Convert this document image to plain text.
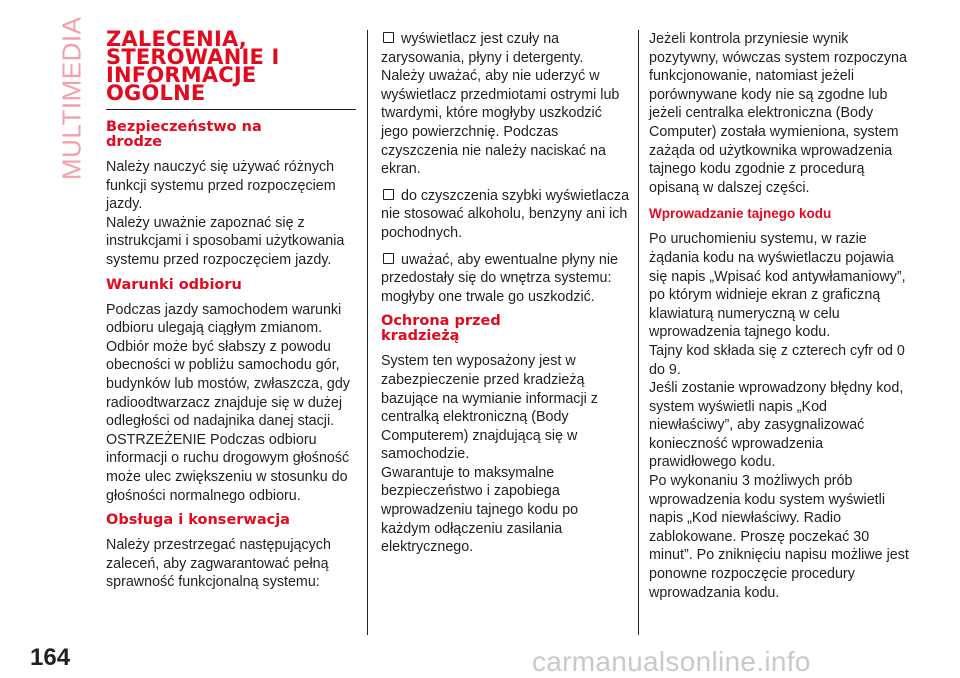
MULTIMEDIA ZALECENIA,
STEROWANIE I
INFORMACJE
OGÓLNE
Bezpieczeństwo na
drodze
Należy nauczyć się używać różnych funkcji systemu przed rozpoczęciem jazdy.
Należy uważnie zapoznać się z instrukcjami i sposobami użytkowania systemu przed rozpoczęciem jazdy.
Warunki odbioru
Podczas jazdy samochodem warunki odbioru ulegają ciągłym zmianom. Odbiór może być słabszy z powodu obecności w pobliżu samochodu gór, budynków lub mostów, zwłaszcza, gdy radioodtwarzacz znajduje się w dużej odległości od nadajnika danej stacji.
OSTRZEŻENIE Podczas odbioru informacji o ruchu drogowym głośność może ulec zwiększeniu w stosunku do głośności normalnego odbioru.
Obsługa i konserwacja

Należy przestrzegać następujących zaleceń, aby zagwarantować pełną sprawność funkcjonalną systemu:

wyświetlacz jest czuły na zarysowania, płyny i detergenty. Należy uważać, aby nie uderzyć w wyświetlacz przedmiotami ostrymi lub twardymi, które mogłyby uszkodzić jego powierzchnię. Podczas czyszczenia nie należy naciskać na ekran.

do czyszczenia szybki wyświetlacza nie stosować alkoholu, benzyny ani ich pochodnych.

uważać, aby ewentualne płyny nie przedostały się do wnętrza systemu: mogłyby one trwale go uszkodzić.

Ochrona przed
kradzieżą
System ten wyposażony jest w zabezpieczenie przed kradzieżą bazujące na wymianie informacji z centralką elektroniczną (Body Computerem) znajdującą się w samochodzie.
Gwarantuje to maksymalne bezpieczeństwo i zapobiega wprowadzeniu tajnego kodu po każdym odłączeniu zasilania elektrycznego.

Jeżeli kontrola przyniesie wynik pozytywny, wówczas system rozpoczyna funkcjonowanie, natomiast jeżeli porównywane kody nie są zgodne lub jeżeli centralka elektroniczna (Body Computer) została wymieniona, system zażąda od użytkownika wprowadzenia tajnego kodu zgodnie z procedurą opisaną w dalszej części.

Wprowadzanie tajnego kodu
Po uruchomieniu systemu, w razie żądania kodu na wyświetlaczu pojawia się napis „Wpisać kod antywłamaniowy”, po którym widnieje ekran z graficzną klawiaturą numeryczną w celu wprowadzenia tajnego kodu.
Tajny kod składa się z czterech cyfr od 0 do 9.
Jeśli zostanie wprowadzony błędny kod, system wyświetli napis „Kod niewłaściwy”, aby zasygnalizować konieczność wprowadzenia prawidłowego kodu.
Po wykonaniu 3 możliwych prób wprowadzenia kodu system wyświetli napis „Kod niewłaściwy. Radio zablokowane. Proszę poczekać 30 minut”. Po zniknięciu napisu możliwe jest ponowne rozpoczęcie procedury wprowadzania kodu.
164	carmanualsonline.info
